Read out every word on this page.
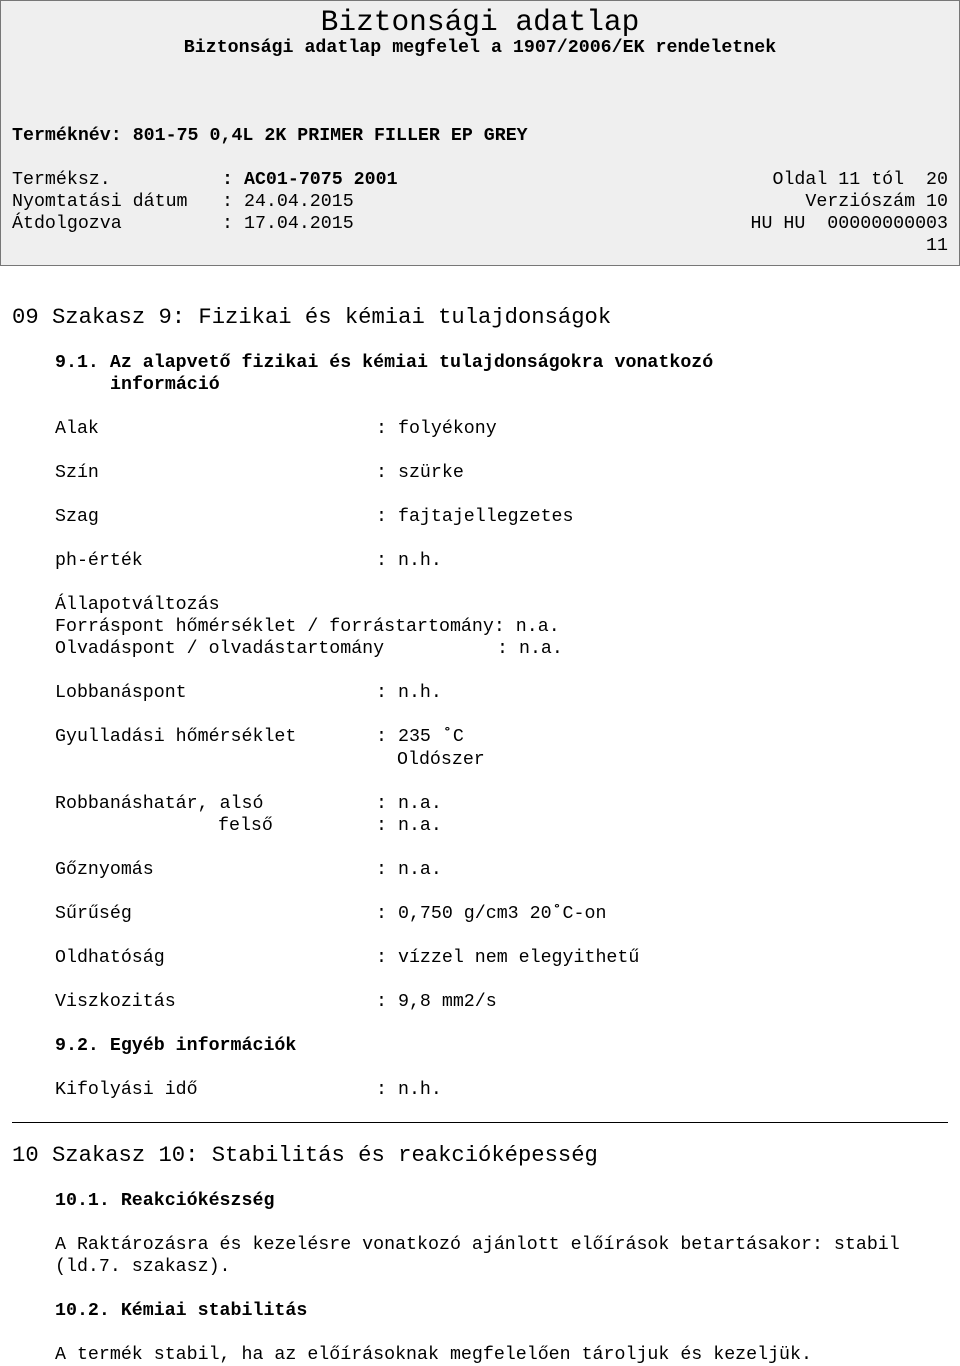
Biztonsági adatlap
Biztonsági adatlap megfelel a 1907/2006/EK rendeletnek
Terméknév: 801-75 0,4L 2K PRIMER FILLER EP GREY
Terméksz.	: AC01-7075 2001	Oldal 11 tól  20
Nyomtatási dátum : 24.04.2015	Verziószám 10
Átdolgozva	: 17.04.2015	HU HU  00000000003
11
09 Szakasz 9: Fizikai és kémiai tulajdonságok
9.1. Az alapvető fizikai és kémiai tulajdonságokra vonatkozó
információ
Alak	: folyékony
Szín	: szürke
Szag	: fajtajellegzetes
ph-érték	: n.h.
Állapotváltozás
Forráspont hőmérséklet / forrástartomány: n.a.
Olvadáspont / olvadástartomány	: n.a.
Lobbanáspont	: n.h.
Gyulladási hőmérséklet	: 235 ˚C
Oldószer
Robbanáshatár, alsó	: n.a.
felső	: n.a.
Gőznyomás	: n.a.
Sűrűség	: 0,750 g/cm3 20˚C-on
Oldhatóság	: vízzel nem elegyithetű
Viszkozitás	: 9,8 mm2/s
9.2. Egyéb információk
Kifolyási idő	: n.h.
10 Szakasz 10: Stabilitás és reakcióképesség
10.1. Reakciókészség
A Raktározásra és kezelésre vonatkozó ajánlott előírások betartásakor: stabil
(ld.7. szakasz).
10.2. Kémiai stabilitás
A termék stabil, ha az előírásoknak megfelelően tároljuk és kezeljük.
